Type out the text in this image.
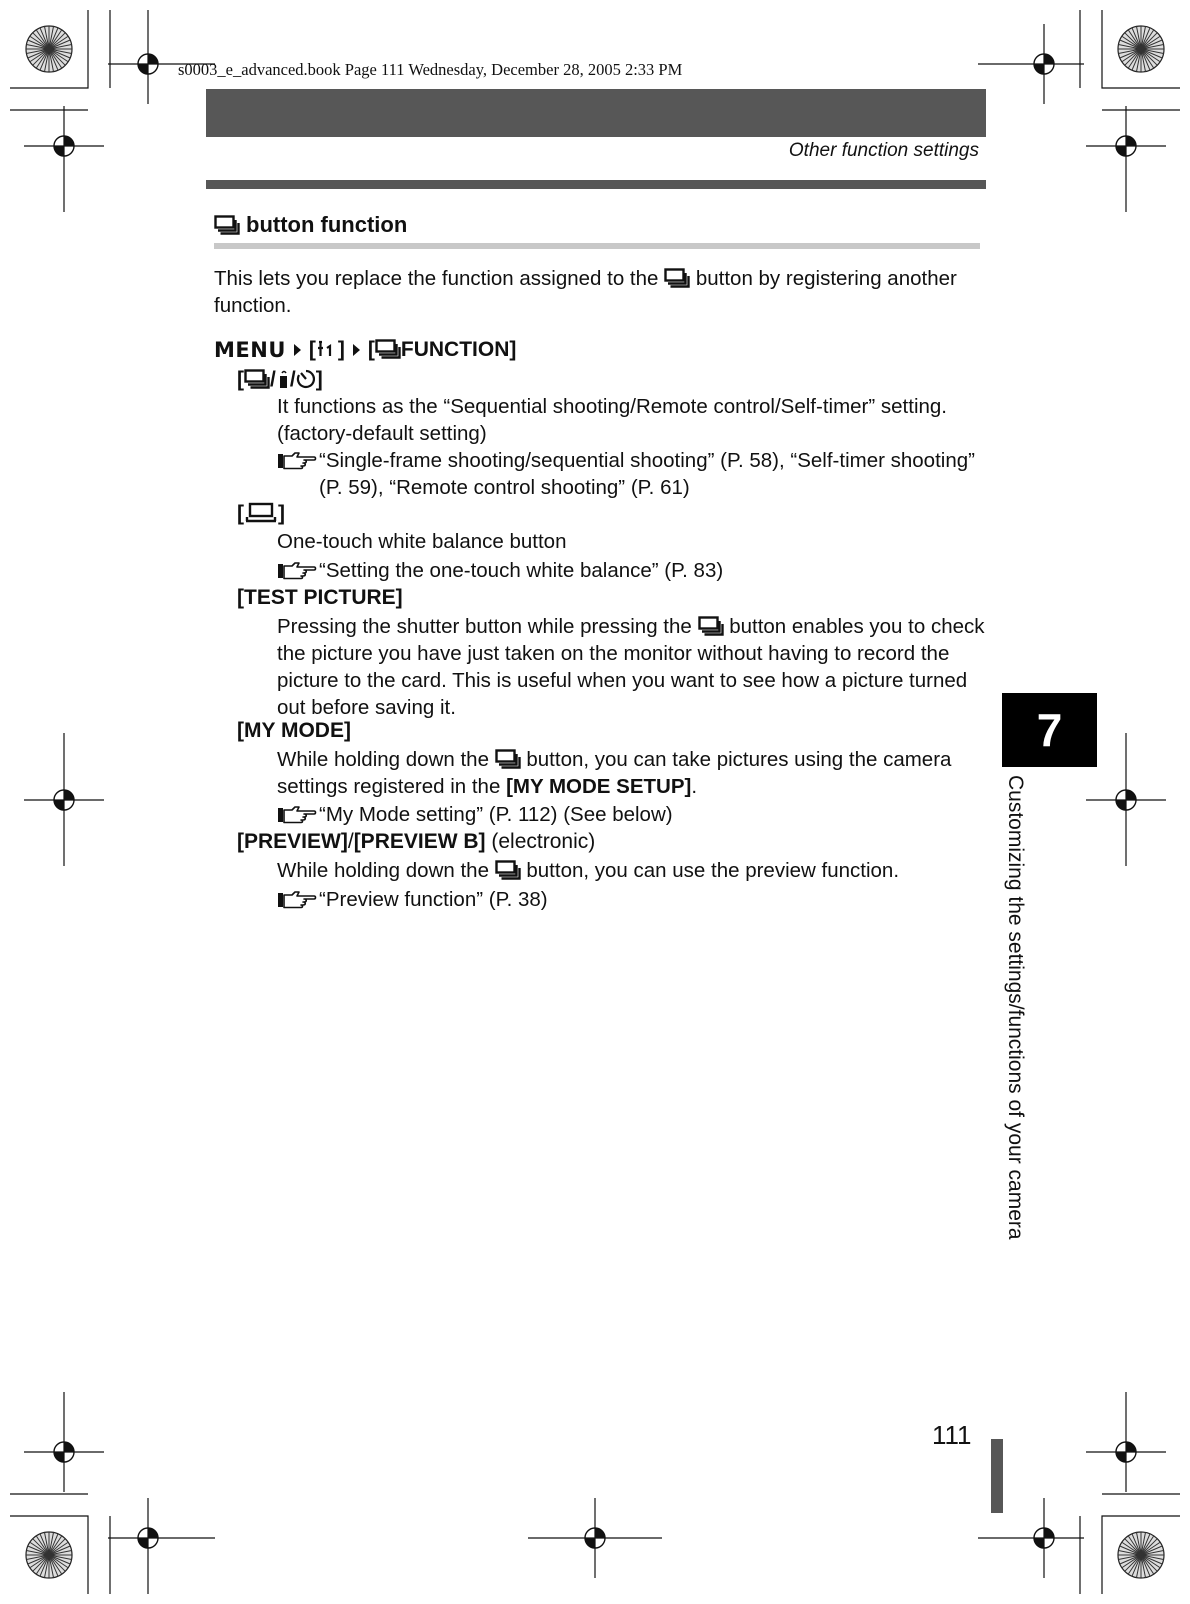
s0003_e_advanced.book Page 111 Wednesday, December 28, 2005 2:33 PM
Other function settings
button function
This lets you replace the function assigned to the button by registering another function.
MENU [ ] [ FUNCTION]
[ / / ]
It functions as the “Sequential shooting/Remote control/Self-timer” setting. (factory-default setting)
“Single-frame shooting/sequential shooting” (P. 58), “Self-timer shooting” (P. 59), “Remote control shooting” (P. 61)
[ ]
One-touch white balance button
“Setting the one-touch white balance” (P. 83)
[TEST PICTURE]
Pressing the shutter button while pressing the button enables you to check the picture you have just taken on the monitor without having to record the picture to the card. This is useful when you want to see how a picture turned out before saving it.
[MY MODE]
While holding down the button, you can take pictures using the camera settings registered in the [MY MODE SETUP].
“My Mode setting” (P. 112) (See below)
[PREVIEW]/[PREVIEW B] (electronic)
While holding down the button, you can use the preview function.
“Preview function” (P. 38)
7
Customizing the settings/functions of your camera
111
